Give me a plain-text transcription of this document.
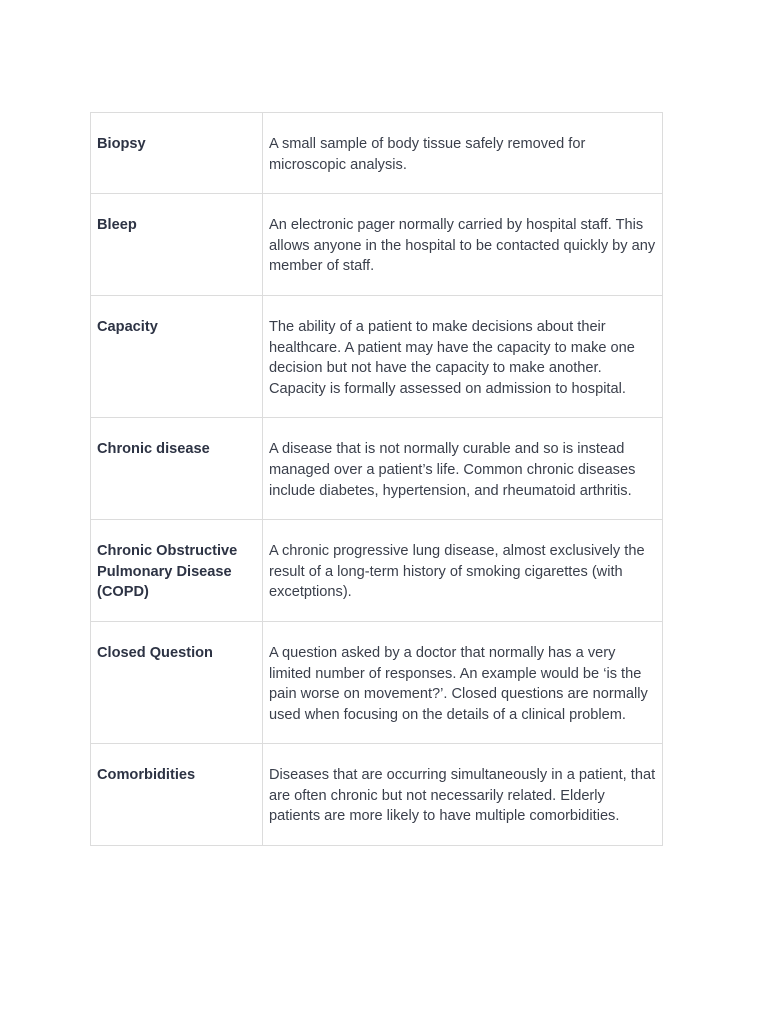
Biopsy	A small sample of body tissue safely removed for microscopic analysis.
Bleep	An electronic pager normally carried by hospital staff. This allows anyone in the hospital to be contacted quickly by any member of staff.
Capacity	The ability of a patient to make decisions about their healthcare. A patient may have the capacity to make one decision but not have the capacity to make another. Capacity is formally assessed on admission to hospital.
Chronic disease	A disease that is not normally curable and so is instead managed over a patient’s life. Common chronic diseases include diabetes, hypertension, and rheumatoid arthritis.
Chronic Obstructive Pulmonary Disease (COPD)	A chronic progressive lung disease, almost exclusively the result of a long-term history of smoking cigarettes (with excetptions).
Closed Question	A question asked by a doctor that normally has a very limited number of responses. An example would be ‘is the pain worse on movement?’. Closed questions are normally used when focusing on the details of a clinical problem.
Comorbidities	Diseases that are occurring simultaneously in a patient, that are often chronic but not necessarily related. Elderly patients are more likely to have multiple comorbidities.
